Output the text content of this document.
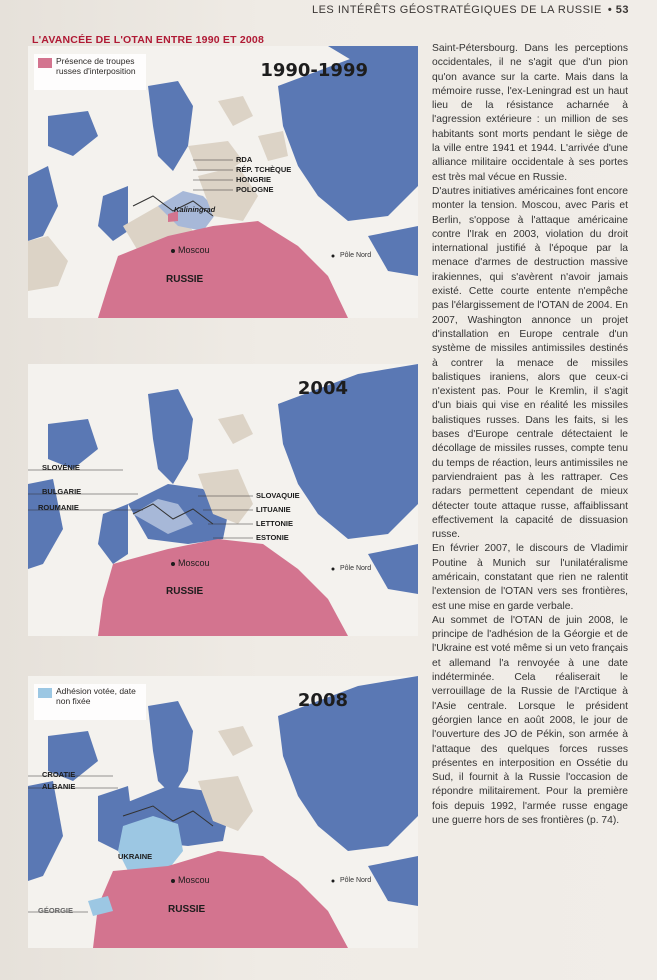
LES INTÉRÊTS GÉOSTRATÉGIQUES DE LA RUSSIE • 53
L'AVANCÉE DE L'OTAN ENTRE 1990 ET 2008
Présence de troupes russes d'interposition	1990-1999
RDA
RÉP. TCHÈQUE
HONGRIE
POLOGNE
Kaliningrad
Moscou
RUSSIE
Pôle Nord
2004
SLOVÉNIE
BULGARIE
ROUMANIE
SLOVAQUIE
LITUANIE
LETTONIE
ESTONIE
Moscou
RUSSIE
Pôle Nord
Adhésion votée, date non fixée	2008
CROATIE
ALBANIE
UKRAINE
GÉORGIE
Moscou
RUSSIE
Pôle Nord

Saint-Pétersbourg. Dans les perceptions occidentales, il ne s'agit que d'un pion qu'on avance sur la carte. Mais dans la mémoire russe, l'ex-Leningrad est un haut lieu de la résistance acharnée à l'agression extérieure : un million de ses habitants sont morts pendant le siège de la ville entre 1941 et 1944. L'arrivée d'une alliance militaire occidentale à ses portes est très mal vécue en Russie.

D'autres initiatives américaines font encore monter la tension. Moscou, avec Paris et Berlin, s'oppose à l'attaque américaine contre l'Irak en 2003, violation du droit international justifié à l'époque par la menace d'armes de destruction massive irakiennes, qui s'avèrent n'avoir jamais existé. Cette courte entente n'empêche pas l'élargissement de l'OTAN de 2004. En 2007, Washington annonce un projet d'installation en Europe centrale d'un système de missiles antimissiles destinés à contrer la menace de missiles balistiques iraniens, alors que ceux-ci n'existent pas. Pour le Kremlin, il s'agit d'un biais qui vise en réalité les missiles balistiques russes. Dans les faits, si les bases d'Europe centrale détectaient le décollage de missiles russes, compte tenu du temps de réaction, leurs antimissiles ne parviendraient pas à les rattraper. Ces radars permettent cependant de mieux détecter toute attaque russe, affaiblissant effectivement la capacité de dissuasion russe.

En février 2007, le discours de Vladimir Poutine à Munich sur l'unilatéralisme américain, constatant que rien ne ralentit l'extension de l'OTAN vers ses frontières, est une mise en garde verbale.

Au sommet de l'OTAN de juin 2008, le principe de l'adhésion de la Géorgie et de l'Ukraine est voté même si un veto français et allemand l'a renvoyée à une date indéterminée. Cela réaliserait le verrouillage de la Russie de l'Arctique à l'Asie centrale. Lorsque le président géorgien lance en août 2008, le jour de l'ouverture des JO de Pékin, son armée à l'attaque des quelques forces russes présentes en interposition en Ossétie du Sud, il fournit à la Russie l'occasion de répondre militairement. Pour la première fois depuis 1992, l'armée russe engage une guerre hors de ses frontières (p. 74).
